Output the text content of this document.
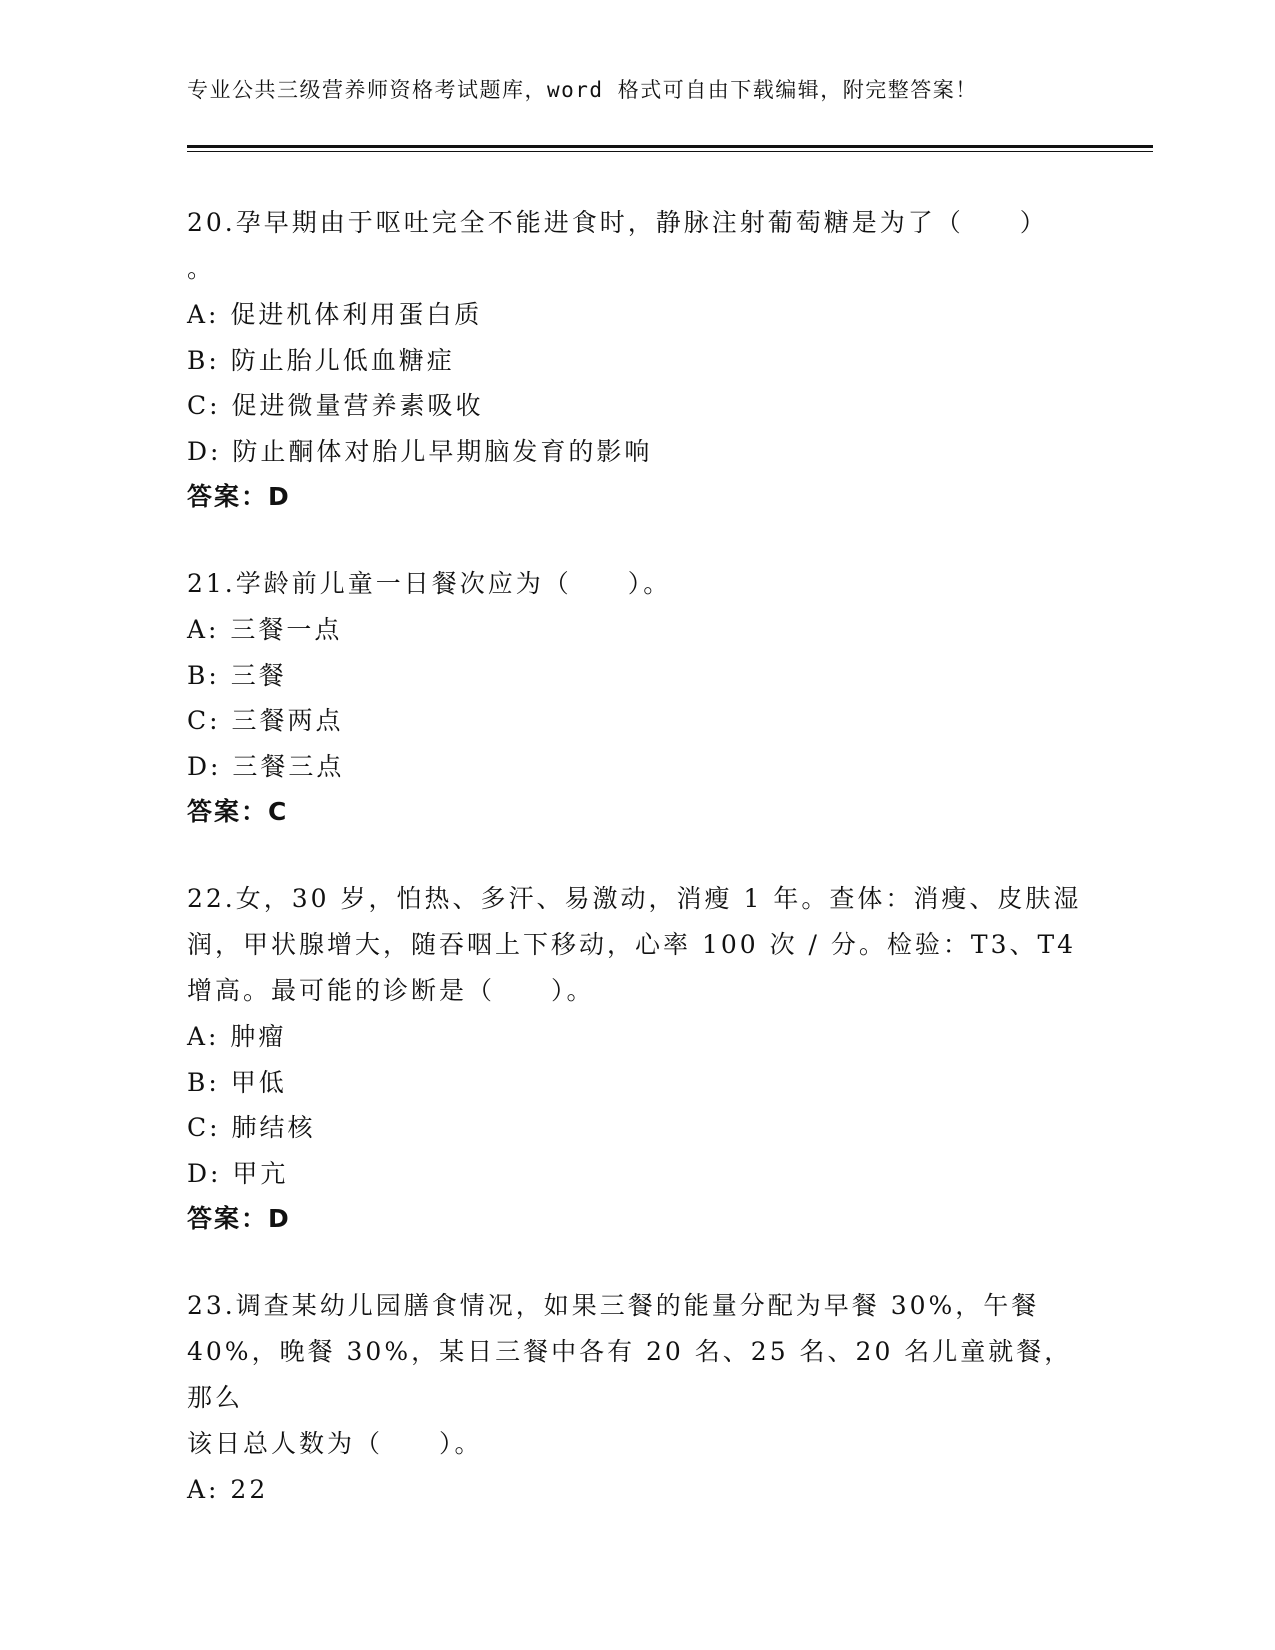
专业公共三级营养师资格考试题库，word 格式可自由下载编辑，附完整答案！
20.孕早期由于呕吐完全不能进食时，静脉注射葡萄糖是为了（　　）
。
A: 促进机体利用蛋白质
B: 防止胎儿低血糖症
C: 促进微量营养素吸收
D: 防止酮体对胎儿早期脑发育的影响
答案：D
21.学龄前儿童一日餐次应为（　　）。
A: 三餐一点
B: 三餐
C: 三餐两点
D: 三餐三点
答案：C
22.女，30 岁，怕热、多汗、易激动，消瘦 1 年。查体：消瘦、皮肤湿
润，甲状腺增大，随吞咽上下移动，心率 100 次 / 分。检验：T3、T4
增高。最可能的诊断是（　　）。
A: 肿瘤
B: 甲低
C: 肺结核
D: 甲亢
答案：D
23.调查某幼儿园膳食情况，如果三餐的能量分配为早餐 30%，午餐
40%，晚餐 30%，某日三餐中各有 20 名、25 名、20 名儿童就餐，那么
该日总人数为（　　）。
A: 22
